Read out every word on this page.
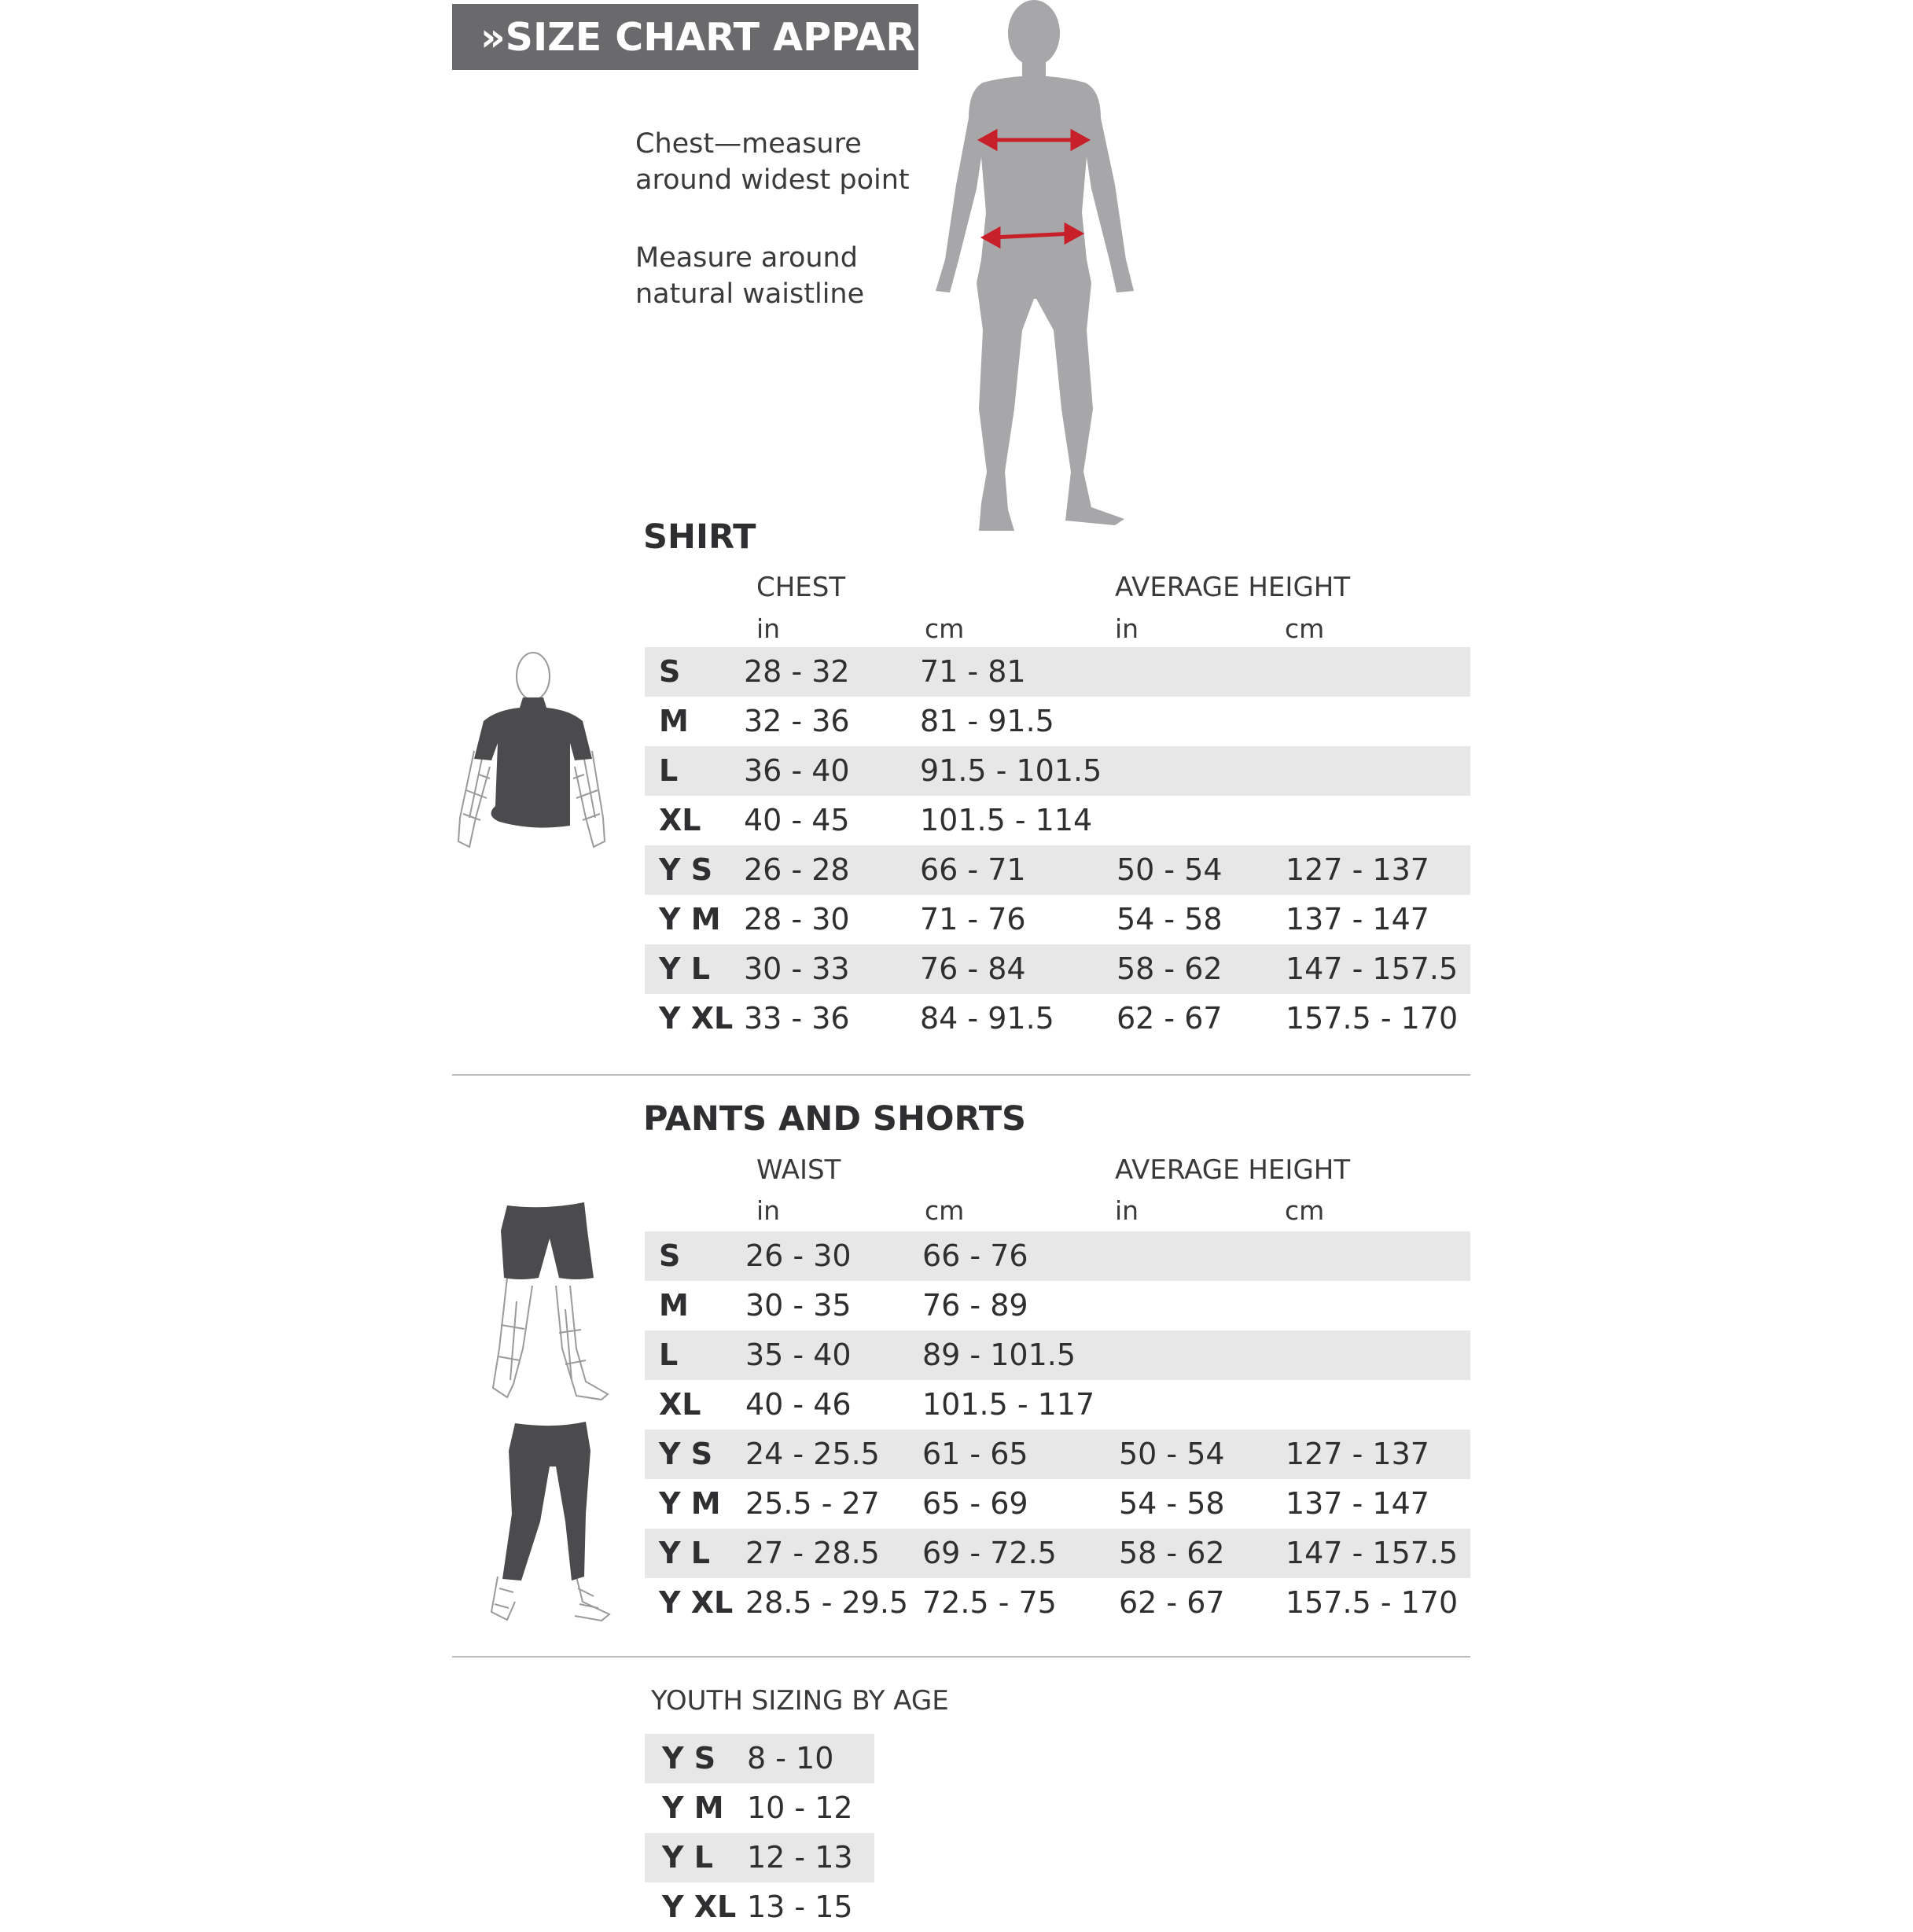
»SIZE CHART APPAREL
Chest—measure
around widest point
Measure around
natural waistline
SHIRT
CHEST	AVERAGE HEIGHT
in	cm	in	cm
S 28 - 32 71 - 81
M 32 - 36 81 - 91.5
L 36 - 40 91.5 - 101.5
XL 40 - 45 101.5 - 114
Y S 26 - 28 66 - 71	50 - 54 127 - 137
Y M 28 - 30 71 - 76	54 - 58 137 - 147
Y L 30 - 33 76 - 84	58 - 62 147 - 157.5
Y XL 33 - 36 84 - 91.5 62 - 67 157.5 - 170
PANTS AND SHORTS
WAIST	AVERAGE HEIGHT
in	cm	in	cm
S 26 - 30 66 - 76
M 30 - 35 76 - 89
L 35 - 40 89 - 101.5
XL 40 - 46 101.5 - 117
Y S 24 - 25.5 61 - 65	50 - 54 127 - 137
Y M 25.5 - 27 65 - 69	54 - 58 137 - 147
Y L 27 - 28.5 69 - 72.5 58 - 62 147 - 157.5
Y XL 28.5 - 29.5 72.5 - 75 62 - 67 157.5 - 170
YOUTH SIZING BY AGE
Y S 8 - 10
Y M 10 - 12
Y L 12 - 13
Y XL 13 - 15
